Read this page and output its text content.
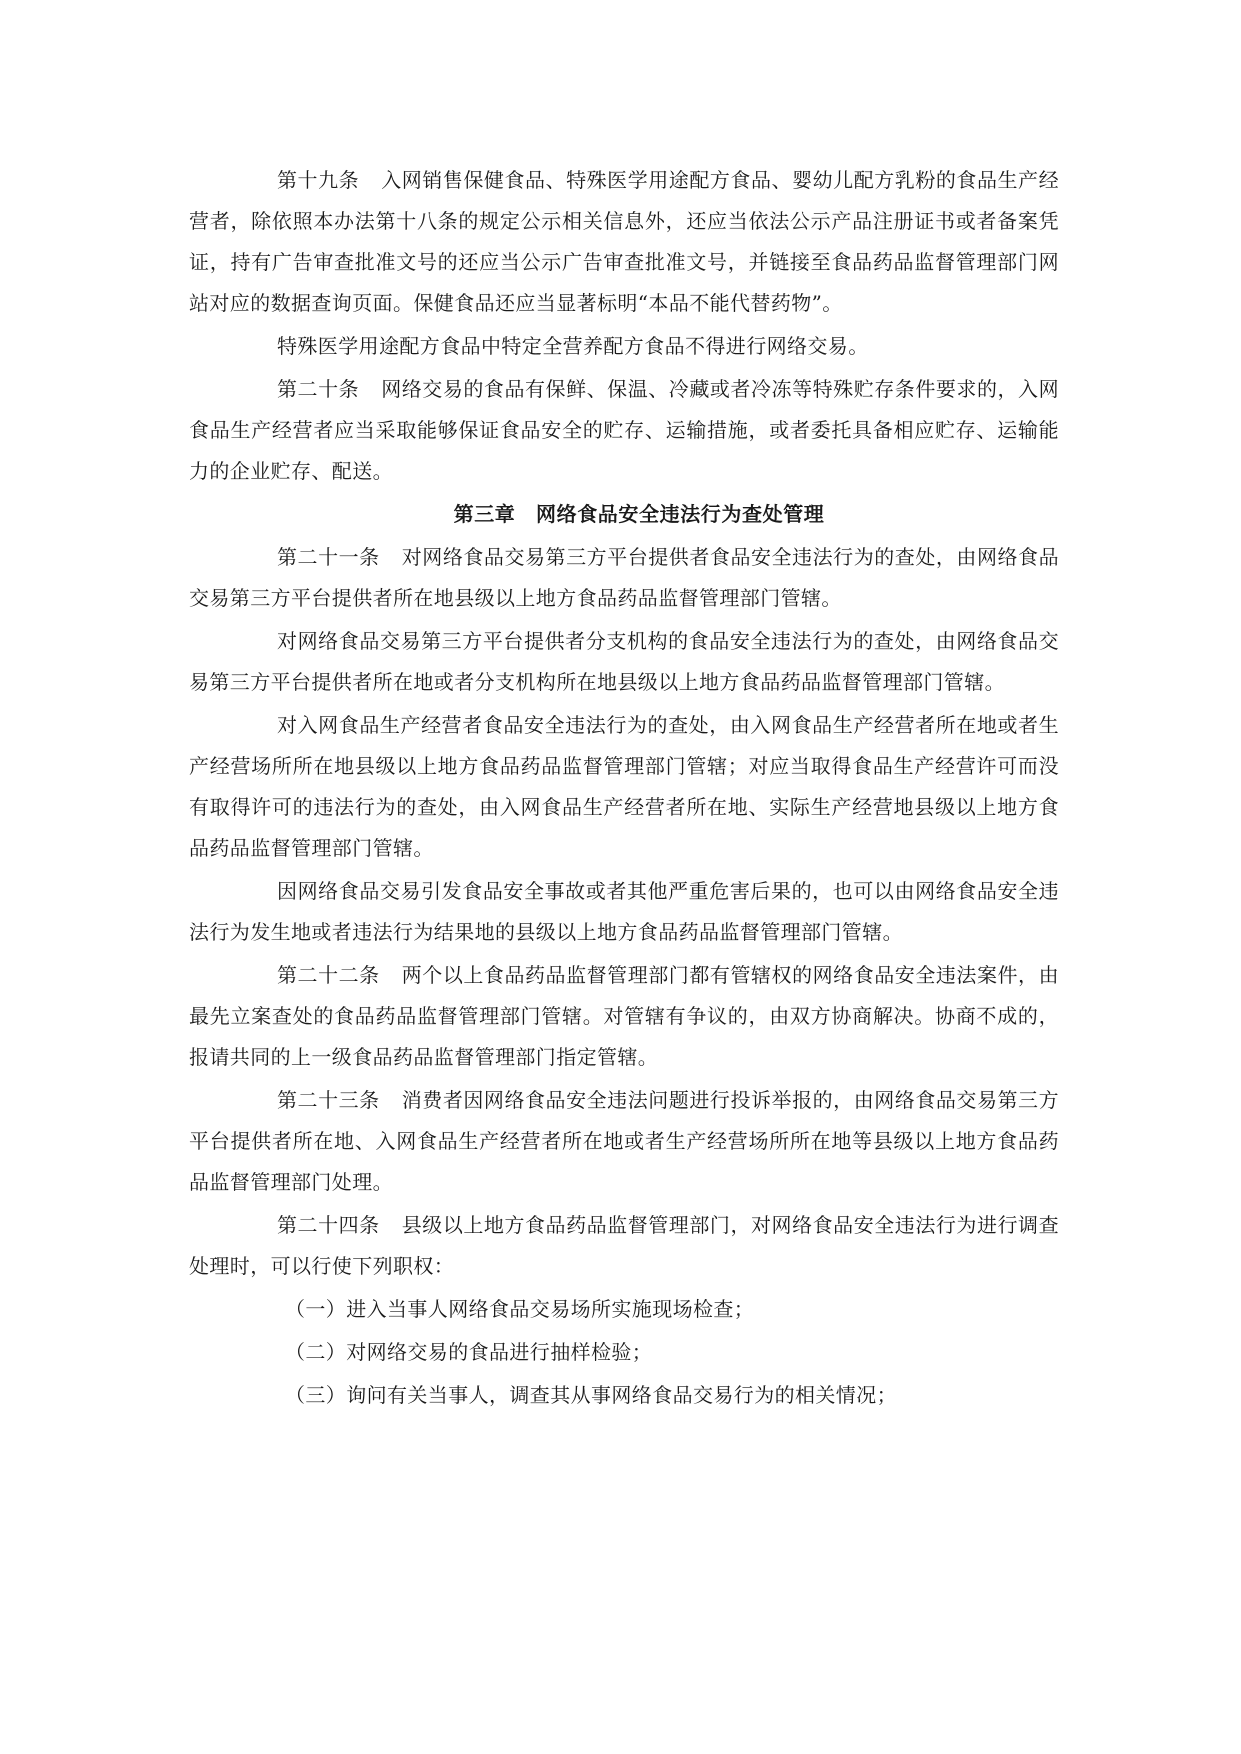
第十九条 入网销售保健食品、特殊医学用途配方食品、婴幼儿配方乳粉的食品生产经营者，除依照本办法第十八条的规定公示相关信息外，还应当依法公示产品注册证书或者备案凭证，持有广告审查批准文号的还应当公示广告审查批准文号，并链接至食品药品监督管理部门网站对应的数据查询页面。保健食品还应当显著标明“本品不能代替药物”。

特殊医学用途配方食品中特定全营养配方食品不得进行网络交易。

第二十条 网络交易的食品有保鲜、保温、冷藏或者冷冻等特殊贮存条件要求的，入网食品生产经营者应当采取能够保证食品安全的贮存、运输措施，或者委托具备相应贮存、运输能力的企业贮存、配送。

第三章　网络食品安全违法行为查处管理

第二十一条 对网络食品交易第三方平台提供者食品安全违法行为的查处，由网络食品交易第三方平台提供者所在地县级以上地方食品药品监督管理部门管辖。

对网络食品交易第三方平台提供者分支机构的食品安全违法行为的查处，由网络食品交易第三方平台提供者所在地或者分支机构所在地县级以上地方食品药品监督管理部门管辖。

对入网食品生产经营者食品安全违法行为的查处，由入网食品生产经营者所在地或者生产经营场所所在地县级以上地方食品药品监督管理部门管辖；对应当取得食品生产经营许可而没有取得许可的违法行为的查处，由入网食品生产经营者所在地、实际生产经营地县级以上地方食品药品监督管理部门管辖。

因网络食品交易引发食品安全事故或者其他严重危害后果的，也可以由网络食品安全违法行为发生地或者违法行为结果地的县级以上地方食品药品监督管理部门管辖。

第二十二条 两个以上食品药品监督管理部门都有管辖权的网络食品安全违法案件，由最先立案查处的食品药品监督管理部门管辖。对管辖有争议的，由双方协商解决。协商不成的，报请共同的上一级食品药品监督管理部门指定管辖。

第二十三条 消费者因网络食品安全违法问题进行投诉举报的，由网络食品交易第三方平台提供者所在地、入网食品生产经营者所在地或者生产经营场所所在地等县级以上地方食品药品监督管理部门处理。

第二十四条 县级以上地方食品药品监督管理部门，对网络食品安全违法行为进行调查处理时，可以行使下列职权：

（一）进入当事人网络食品交易场所实施现场检查；

（二）对网络交易的食品进行抽样检验；

（三）询问有关当事人，调查其从事网络食品交易行为的相关情况；
